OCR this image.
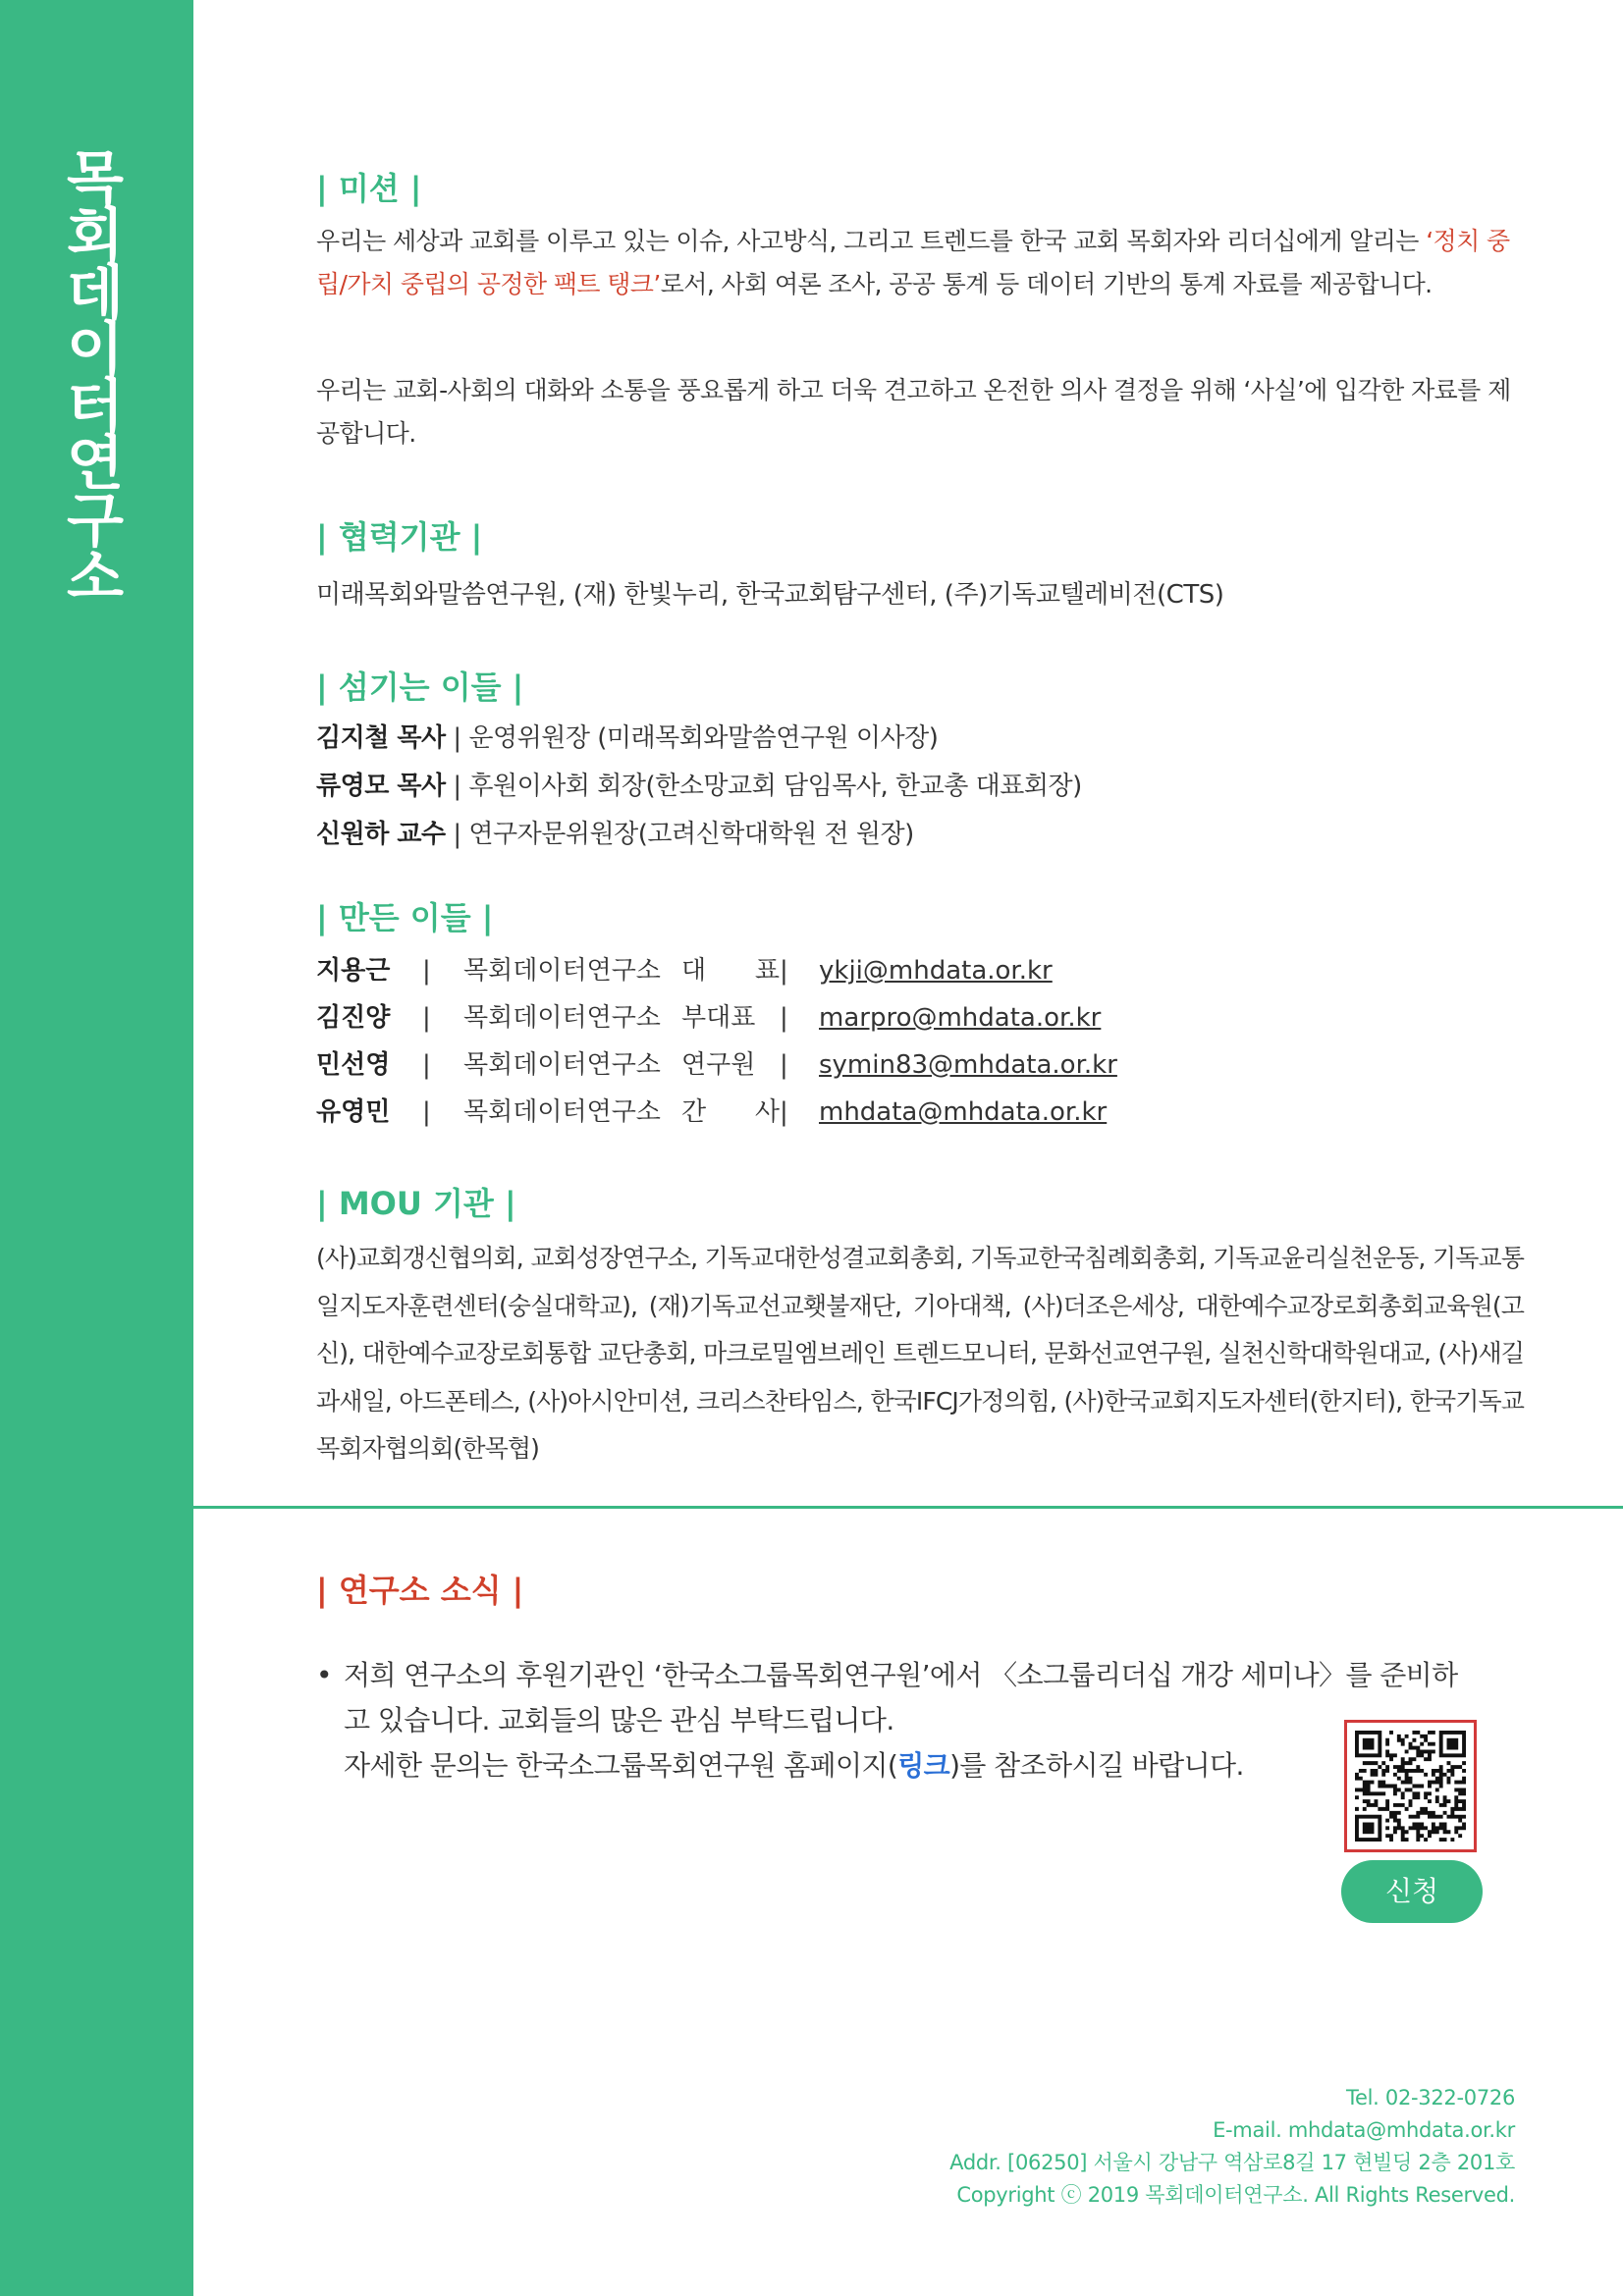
목회데이터연구소	| 미션 |

우리는 세상과 교회를 이루고 있는 이슈, 사고방식, 그리고 트렌드를 한국 교회 목회자와 리더십에게 알리는 ‘정치 중립/가치 중립의 공정한 팩트 탱크’로서, 사회 여론 조사, 공공 통계 등 데이터 기반의 통계 자료를 제공합니다.

우리는 교회-사회의 대화와 소통을 풍요롭게 하고 더욱 견고하고 온전한 의사 결정을 위해 ‘사실’에 입각한 자료를 제공합니다.

| 협력기관 |

미래목회와말씀연구원, (재) 한빛누리, 한국교회탐구센터, (주)기독교텔레비전(CTS)

| 섬기는 이들 |

김지철 목사 | 운영위원장 (미래목회와말씀연구원 이사장)

류영모 목사 | 후원이사회 회장(한소망교회 담임목사, 한교총 대표회장)

신원하 교수 | 연구자문위원장(고려신학대학원 전 원장)

| 만든 이들 |
지용근 | 목회데이터연구소 대 표 | ykji@mhdata.or.kr
김진양 | 목회데이터연구소 부대표 | marpro@mhdata.or.kr
민선영 | 목회데이터연구소 연구원 | symin83@mhdata.or.kr
유영민 | 목회데이터연구소 간 사 | mhdata@mhdata.or.kr
| MOU 기관 |

(사)교회갱신협의회, 교회성장연구소, 기독교대한성결교회총회, 기독교한국침례회총회, 기독교윤리실천운동, 기독교통일지도자훈련센터(숭실대학교), (재)기독교선교횃불재단, 기아대책, (사)더조은세상, 대한예수교장로회총회교육원(고신), 대한예수교장로회통합 교단총회, 마크로밀엠브레인 트렌드모니터, 문화선교연구원, 실천신학대학원대교, (사)새길과새일, 아드폰테스, (사)아시안미션, 크리스찬타임스, 한국IFCJ가정의힘, (사)한국교회지도자센터(한지터), 한국기독교목회자협의회(한목협)

| 연구소 소식 |
• 저희 연구소의 후원기관인 ‘한국소그룹목회연구원’에서 〈소그룹리더십 개강 세미나〉를 준비하
고 있습니다. 교회들의 많은 관심 부탁드립니다.
자세한 문의는 한국소그룹목회연구원 홈페이지(링크)를 참조하시길 바랍니다.

신청

Tel. 02-322-0726

E-mail. mhdata@mhdata.or.kr

Addr. [06250] 서울시 강남구 역삼로8길 17 현빌딩 2층 201호

Copyright ⓒ 2019 목회데이터연구소. All Rights Reserved.
